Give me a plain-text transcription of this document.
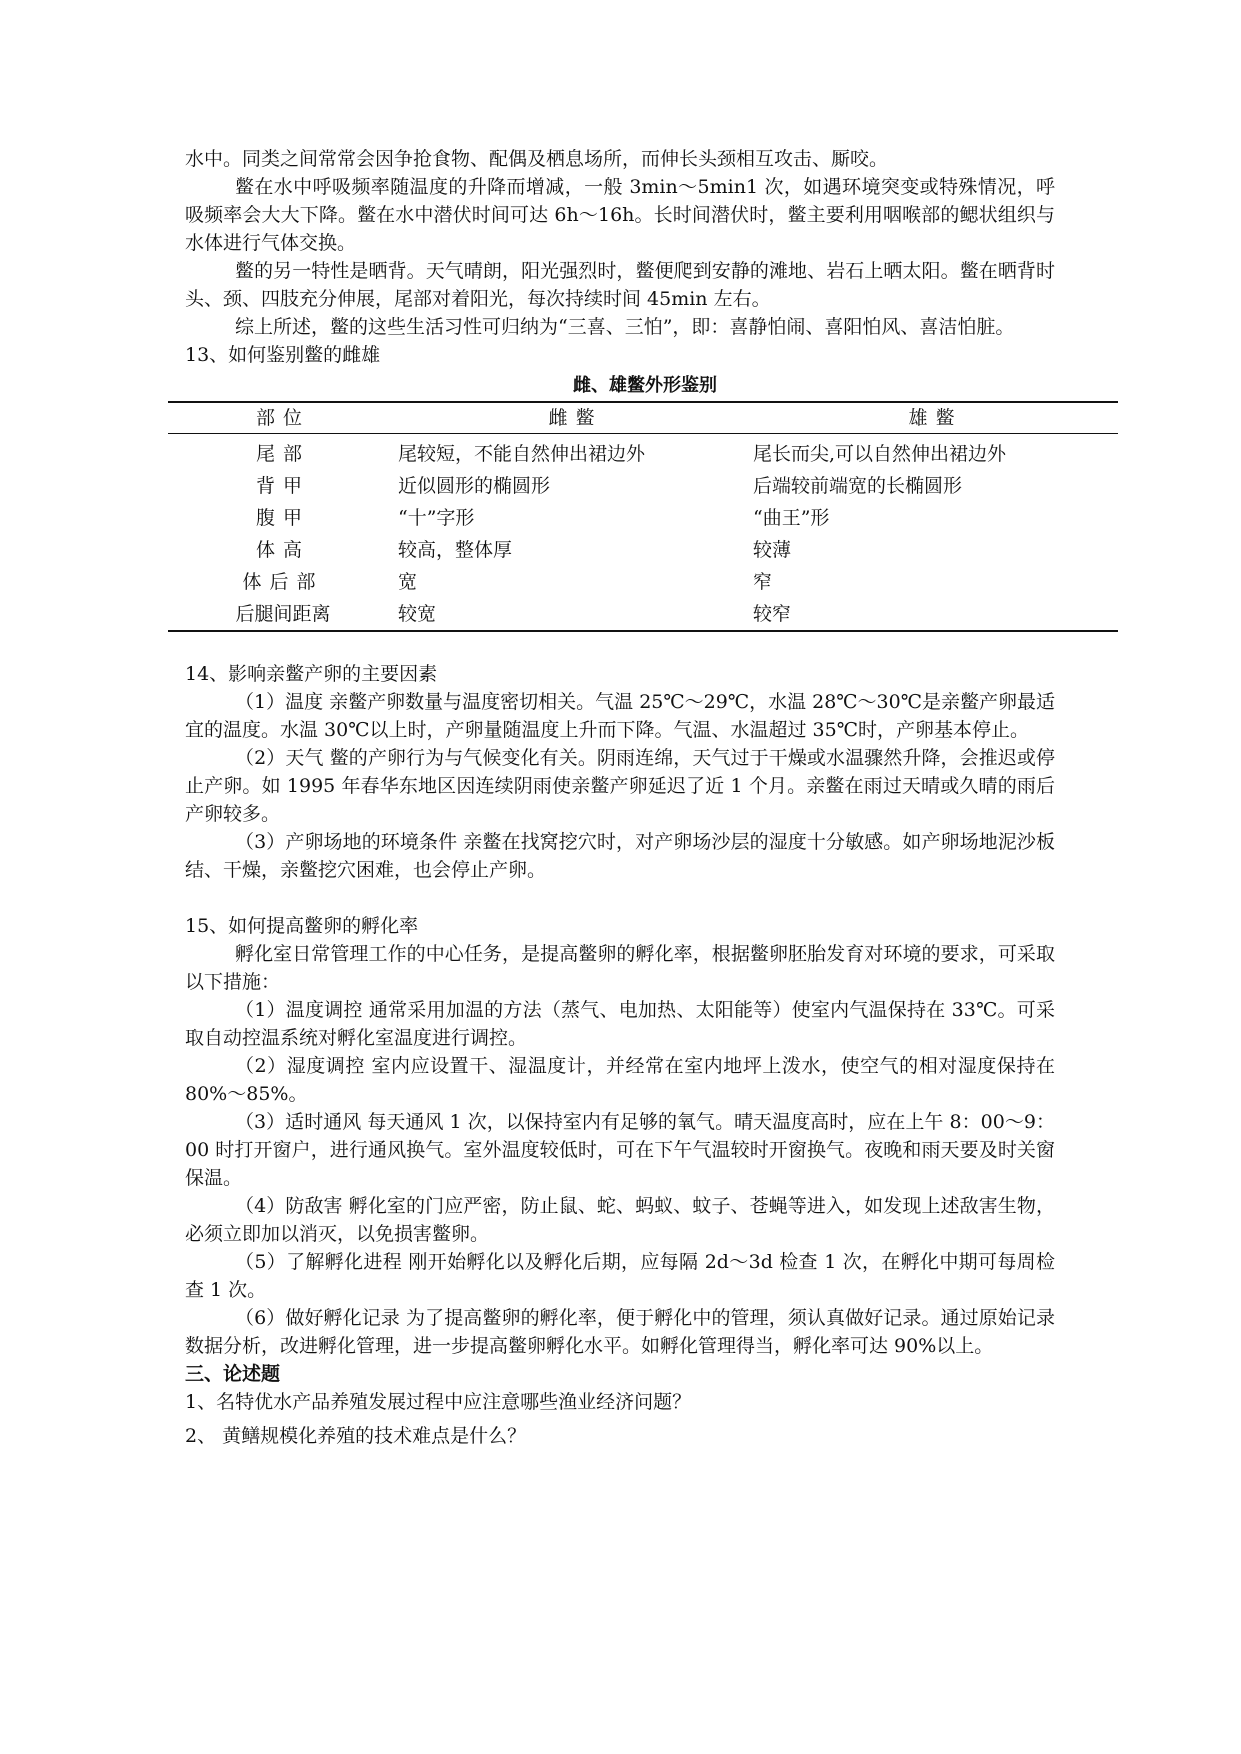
水中。同类之间常常会因争抢食物、配偶及栖息场所，而伸长头颈相互攻击、厮咬。

鳖在水中呼吸频率随温度的升降而增减，一般 3min～5min1 次，如遇环境突变或特殊情况，呼吸频率会大大下降。鳖在水中潜伏时间可达 6h～16h。长时间潜伏时，鳖主要利用咽喉部的鳃状组织与水体进行气体交换。

鳖的另一特性是晒背。天气晴朗，阳光强烈时，鳖便爬到安静的滩地、岩石上晒太阳。鳖在晒背时头、颈、四肢充分伸展，尾部对着阳光，每次持续时间 45min 左右。

综上所述，鳖的这些生活习性可归纳为“三喜、三怕”，即：喜静怕闹、喜阳怕风、喜洁怕脏。

13、如何鉴别鳖的雌雄

雌、雄鳖外形鉴别
部位	雌鳖	雄鳖
尾部	尾较短，不能自然伸出裙边外	尾长而尖,可以自然伸出裙边外
背甲	近似圆形的椭圆形	后端较前端宽的长椭圆形
腹甲	“十”字形	“曲王”形
体高	较高，整体厚	较薄
体后部	宽	窄
后腿间距离	较宽	较窄

14、影响亲鳖产卵的主要因素

（1）温度 亲鳖产卵数量与温度密切相关。气温 25℃～29℃，水温 28℃～30℃是亲鳖产卵最适宜的温度。水温 30℃以上时，产卵量随温度上升而下降。气温、水温超过 35℃时，产卵基本停止。

（2）天气 鳖的产卵行为与气候变化有关。阴雨连绵，天气过于干燥或水温骤然升降，会推迟或停止产卵。如 1995 年春华东地区因连续阴雨使亲鳖产卵延迟了近 1 个月。亲鳖在雨过天晴或久晴的雨后产卵较多。

（3）产卵场地的环境条件 亲鳖在找窝挖穴时，对产卵场沙层的湿度十分敏感。如产卵场地泥沙板结、干燥，亲鳖挖穴困难，也会停止产卵。

15、如何提高鳖卵的孵化率

孵化室日常管理工作的中心任务，是提高鳖卵的孵化率，根据鳖卵胚胎发育对环境的要求，可采取以下措施：

（1）温度调控 通常采用加温的方法（蒸气、电加热、太阳能等）使室内气温保持在 33℃。可采取自动控温系统对孵化室温度进行调控。

（2）湿度调控 室内应设置干、湿温度计，并经常在室内地坪上泼水，使空气的相对湿度保持在 80%～85%。

（3）适时通风 每天通风 1 次，以保持室内有足够的氧气。晴天温度高时，应在上午 8：00～9：00 时打开窗户，进行通风换气。室外温度较低时，可在下午气温较时开窗换气。夜晚和雨天要及时关窗保温。

（4）防敌害 孵化室的门应严密，防止鼠、蛇、蚂蚁、蚊子、苍蝇等进入，如发现上述敌害生物，必须立即加以消灭，以免损害鳖卵。

（5）了解孵化进程 刚开始孵化以及孵化后期，应每隔 2d～3d 检查 1 次，在孵化中期可每周检查 1 次。

（6）做好孵化记录 为了提高鳖卵的孵化率，便于孵化中的管理，须认真做好记录。通过原始记录数据分析，改进孵化管理，进一步提高鳖卵孵化水平。如孵化管理得当，孵化率可达 90%以上。

三、论述题

1、名特优水产品养殖发展过程中应注意哪些渔业经济问题？

2、 黄鳝规模化养殖的技术难点是什么？
